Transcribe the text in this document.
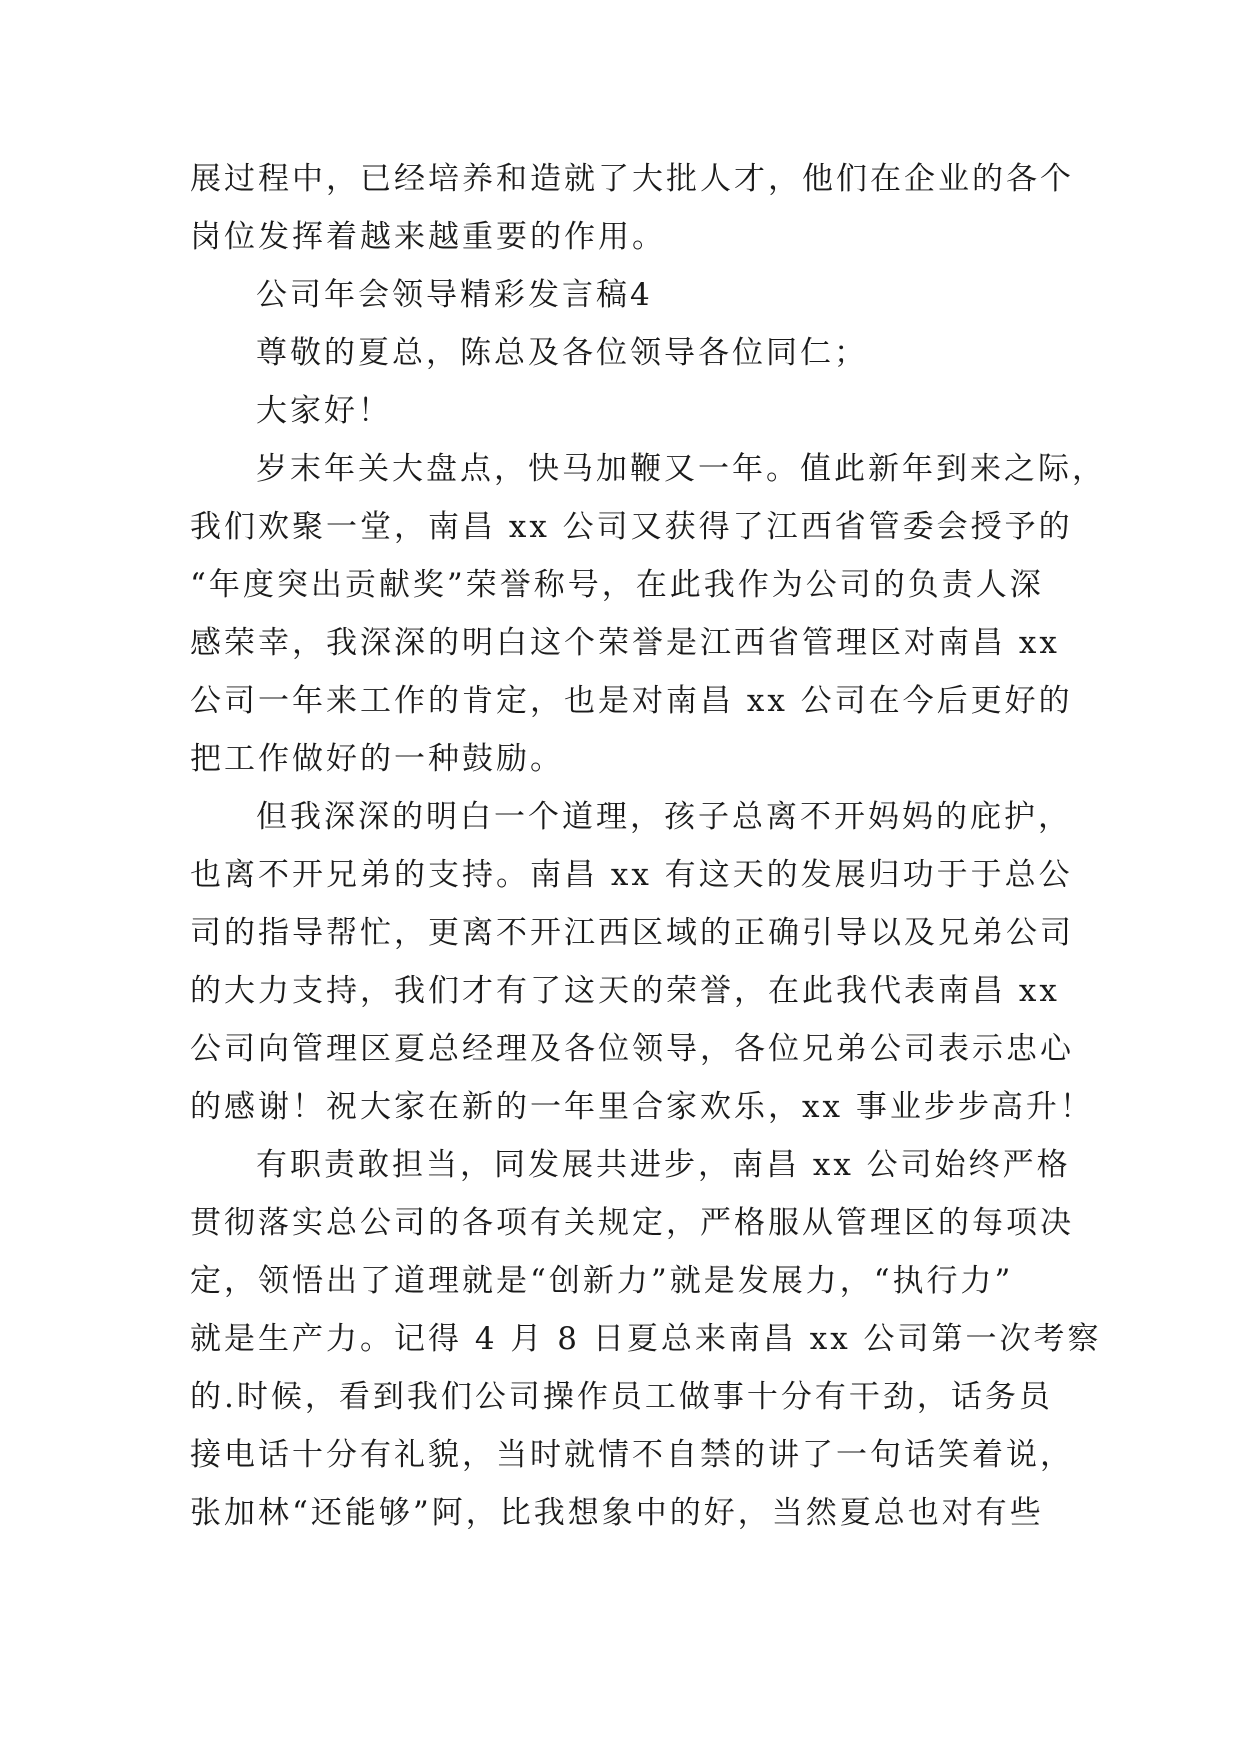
展过程中，已经培养和造就了大批人才，他们在企业的各个
岗位发挥着越来越重要的作用。
公司年会领导精彩发言稿4
尊敬的夏总，陈总及各位领导各位同仁；
大家好！
岁末年关大盘点，快马加鞭又一年。值此新年到来之际，
我们欢聚一堂，南昌 xx 公司又获得了江西省管委会授予的
“年度突出贡献奖”荣誉称号，在此我作为公司的负责人深
感荣幸，我深深的明白这个荣誉是江西省管理区对南昌 xx
公司一年来工作的肯定，也是对南昌 xx 公司在今后更好的
把工作做好的一种鼓励。
但我深深的明白一个道理，孩子总离不开妈妈的庇护，
也离不开兄弟的支持。南昌 xx 有这天的发展归功于于总公
司的指导帮忙，更离不开江西区域的正确引导以及兄弟公司
的大力支持，我们才有了这天的荣誉，在此我代表南昌 xx
公司向管理区夏总经理及各位领导，各位兄弟公司表示忠心
的感谢！祝大家在新的一年里合家欢乐，xx 事业步步高升！
有职责敢担当，同发展共进步，南昌 xx 公司始终严格
贯彻落实总公司的各项有关规定，严格服从管理区的每项决
定，领悟出了道理就是“创新力”就是发展力，“执行力”
就是生产力。记得 4 月 8 日夏总来南昌 xx 公司第一次考察
的.时候，看到我们公司操作员工做事十分有干劲，话务员
接电话十分有礼貌，当时就情不自禁的讲了一句话笑着说，
张加林“还能够”阿，比我想象中的好，当然夏总也对有些
